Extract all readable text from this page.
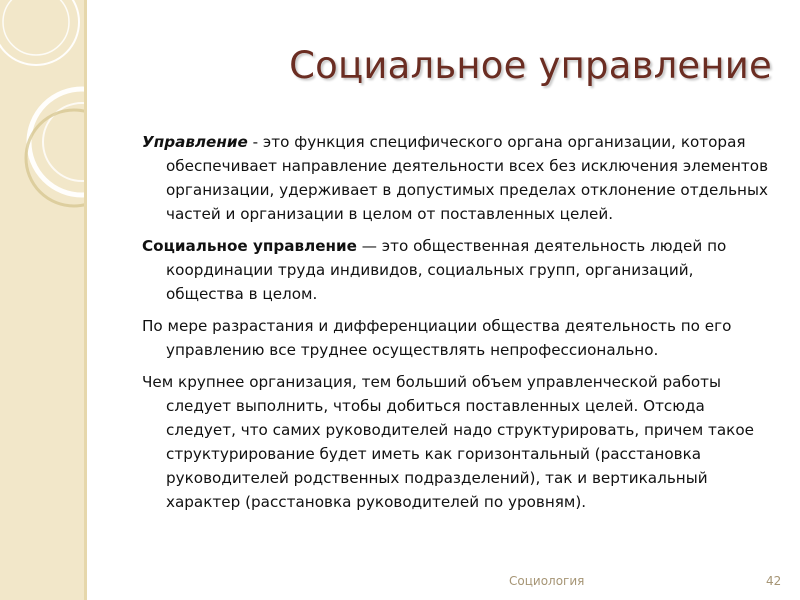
Социальное управление

Управление - это функция специфического органа организации, которая обеспечивает направление деятельности всех без исключения элементов организации, удерживает в допустимых пределах отклонение отдельных частей и организации в целом от поставленных целей.

Социальное управление — это общественная деятельность людей по координации труда индивидов, социальных групп, организаций, общества в целом.

По мере разрастания и дифференциации общества деятельность по его управлению все труднее осуществлять непрофессионально.

Чем крупнее организация, тем больший объем управленческой работы следует выполнить, чтобы добиться поставленных целей. Отсюда следует, что самих руководителей надо структурировать, причем такое структурирование будет иметь как горизонтальный (расстановка руководителей родственных подразделений), так и вертикальный характер (расстановка руководителей по уровням).

Социология	42
